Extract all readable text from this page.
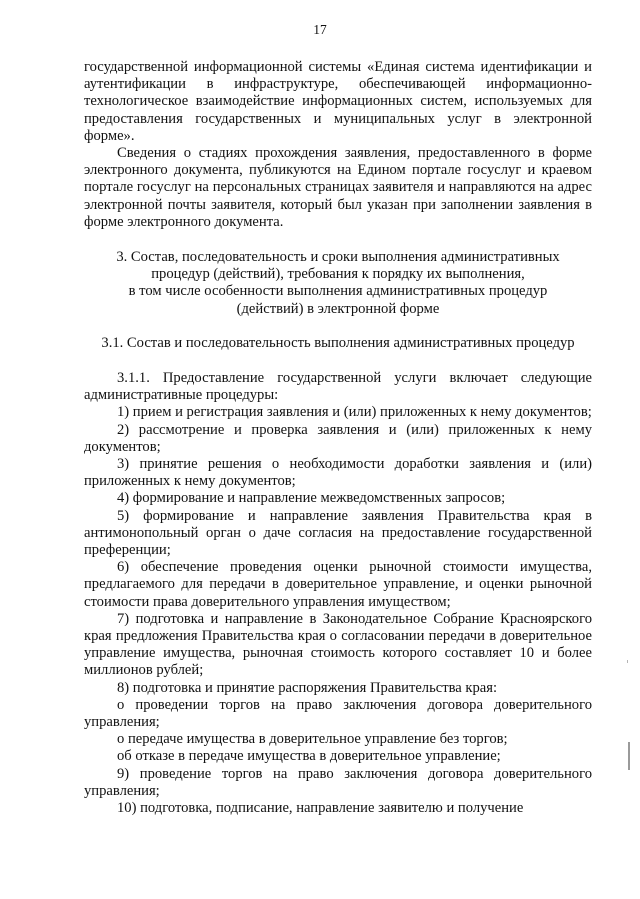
17

государственной информационной системы «Единая система идентификации и аутентификации в инфраструктуре, обеспечивающей информационно-технологическое взаимодействие информационных систем, используемых для предоставления государственных и муниципальных услуг в электронной форме».

Сведения о стадиях прохождения заявления, предоставленного в форме электронного документа, публикуются на Едином портале госуслуг и краевом портале госуслуг на персональных страницах заявителя и направляются на адрес электронной почты заявителя, который был указан при заполнении заявления в форме электронного документа.

3. Состав, последовательность и сроки выполнения административных

процедур (действий), требования к порядку их выполнения,

в том числе особенности выполнения административных процедур

(действий) в электронной форме

3.1. Состав и последовательность выполнения административных процедур

3.1.1. Предоставление государственной услуги включает следующие административные процедуры:

1) прием и регистрация заявления и (или) приложенных к нему документов;

2) рассмотрение и проверка заявления и (или) приложенных к нему документов;

3) принятие решения о необходимости доработки заявления и (или) приложенных к нему документов;

4) формирование и направление межведомственных запросов;

5) формирование и направление заявления Правительства края в антимонопольный орган о даче согласия на предоставление государственной преференции;

6) обеспечение проведения оценки рыночной стоимости имущества, предлагаемого для передачи в доверительное управление, и оценки рыночной стоимости права доверительного управления имуществом;

7) подготовка и направление в Законодательное Собрание Красноярского края предложения Правительства края о согласовании передачи в доверительное управление имущества, рыночная стоимость которого составляет 10 и более миллионов рублей;

8) подготовка и принятие распоряжения Правительства края:

о проведении торгов на право заключения договора доверительного управления;

о передаче имущества в доверительное управление без торгов;

об отказе в передаче имущества в доверительное управление;

9) проведение торгов на право заключения договора доверительного управления;

10) подготовка, подписание, направление заявителю и получение
